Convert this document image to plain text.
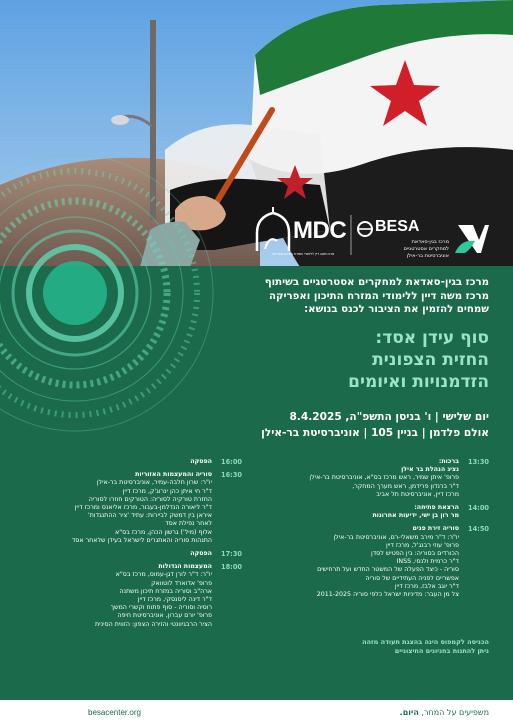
MDC
מרכז משה דיין ללימודי המזרח התיכון ואפריקה
BESA
מרכז בגין-סאדאת
למחקרים אסטרטגיים
אוניברסיטת בר-אילן
מרכז בגין-סאדאת למחקרים אסטרטגיים בשיתוף
מרכז משה דיין ללימודי המזרח התיכון ואפריקה
שמחים להזמין את הציבור לכנס בנושא:
סוף עידן אסד:
החזית הצפונית
הזדמנויות ואיומים
יום שלישי | ו' בניסן התשפ"ה, 8.4.2025
אולם פלדמן | בניין 105 | אוניברסיטת בר-אילן
13:30
ברכות:
נציג הנהלת בר אילן
פרופ' איתן שמיר, ראש מרכז בס"א, אוניברסיטת בר-אילן
ד"ר ברנדון פרידמן, ראש מערך המחקר,
מרכז דיין, אוניברסיטת תל אביב
14:00
הרצאת פתיחה:
מר רון בן ישי, ידיעות אחרונות
14:50
סוריה זירת פנים
יו"ר: ד"ר מירב משאלי-רם, אוניברסיטת בר-אילן
פרופ' עוזי רבנג'ל, מרכז דיין
הכורדים בסוריה: בין הפטיש לסדן
ד"ר כרמית ולנסי, INSS
סוריה - כיצד הפעלה של המשטר החדש ועל תרחישים
אפשריים לפניה העתידיים של סוריה
ד"ר יוגב אלבז, מרכז דיין
צל מן העבר: מדיניות ישראל כלפי סוריה 2011-2025
16:00
הפסקה
16:30
סוריה והמעצמות האזוריות
יו"ר: שרון חלבה-עמיר, אוניברסיטת בר-אילן
ד"ר חי איתן כהן ינרוג'ק, מרכז דיין
החזרת טורקיה לסוריה: הטורקים חוזרו לסוריה
ד"ר ליאורה הנדלמן-בעבור, מרכז אליאנס ומרכז דיין
איראן בין דמשק לביירות: עתיד 'ציר ההתנגדות'
לאחר נפילת אסד
אלוף (מיל') גרשון הכהן, מרכז בס"א
התנהות סוריה והאתגרים לישראל בעידן שלאחר אסד
17:30
הפסקה
18:00
המעצמות הגדולות
יו"ר: ד"ר לורן דגן-עמוס, מרכז בס"א
פרופ' אדוארד לוטוואק
ארה"ב וסוריה במזרח תיכון משתנה
ד"ר דינה ליסנסקי, מרכז דיין
רוסיה וסוריה - סוף פתוח וקשרי המשך
פרופ' יורם עברון, אוניברסיטת חיפה
הציר הרבגיוונטי והזירה הצפון: הזווית הסינית
הכניסה לקמפוס הינה בהצגת תעודה מזהה
ניתן להתנות בחניונים החיצוניים
besacenter.org	משפיעים על המחר, היום.
